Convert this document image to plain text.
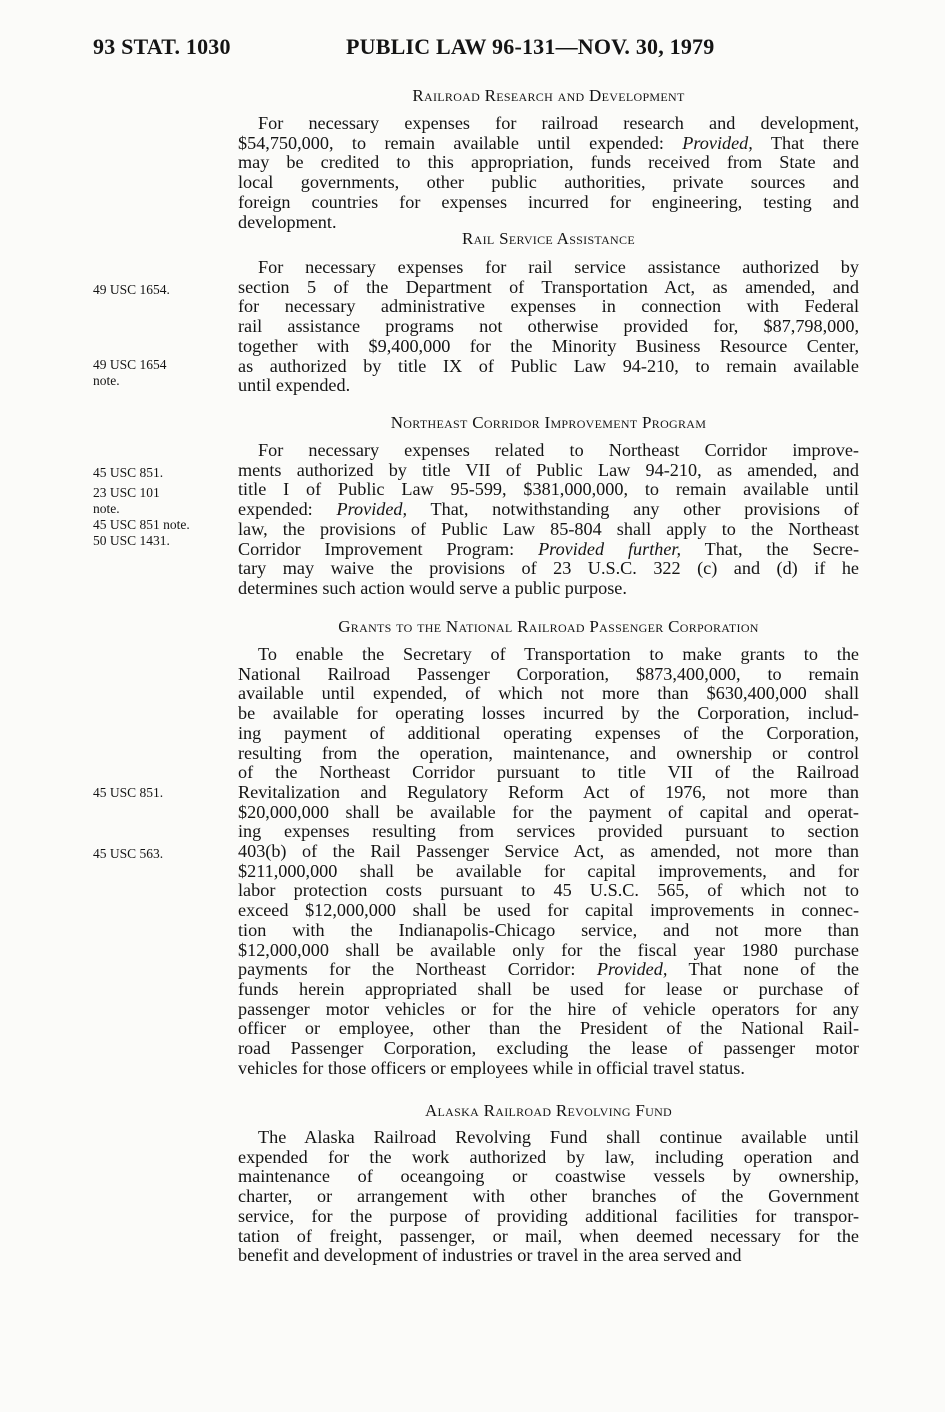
93 STAT. 1030	PUBLIC LAW 96-131—NOV. 30, 1979
Railroad Research and Development
For necessary expenses for railroad research and development,
$54,750,000, to remain available until expended: Provided, That there
may be credited to this appropriation, funds received from State and
local governments, other public authorities, private sources and
foreign countries for expenses incurred for engineering, testing and
development.
Rail Service Assistance
For necessary expenses for rail service assistance authorized by
section 5 of the Department of Transportation Act, as amended, and
for necessary administrative expenses in connection with Federal
rail assistance programs not otherwise provided for, $87,798,000,
together with $9,400,000 for the Minority Business Resource Center,
as authorized by title IX of Public Law 94-210, to remain available
until expended.
Northeast Corridor Improvement Program
For necessary expenses related to Northeast Corridor improve-
ments authorized by title VII of Public Law 94-210, as amended, and
title I of Public Law 95-599, $381,000,000, to remain available until
expended: Provided, That, notwithstanding any other provisions of
law, the provisions of Public Law 85-804 shall apply to the Northeast
Corridor Improvement Program: Provided further, That, the Secre-
tary may waive the provisions of 23 U.S.C. 322 (c) and (d) if he
determines such action would serve a public purpose.
Grants to the National Railroad Passenger Corporation
To enable the Secretary of Transportation to make grants to the
National Railroad Passenger Corporation, $873,400,000, to remain
available until expended, of which not more than $630,400,000 shall
be available for operating losses incurred by the Corporation, includ-
ing payment of additional operating expenses of the Corporation,
resulting from the operation, maintenance, and ownership or control
of the Northeast Corridor pursuant to title VII of the Railroad
Revitalization and Regulatory Reform Act of 1976, not more than
$20,000,000 shall be available for the payment of capital and operat-
ing expenses resulting from services provided pursuant to section
403(b) of the Rail Passenger Service Act, as amended, not more than
$211,000,000 shall be available for capital improvements, and for
labor protection costs pursuant to 45 U.S.C. 565, of which not to
exceed $12,000,000 shall be used for capital improvements in connec-
tion with the Indianapolis-Chicago service, and not more than
$12,000,000 shall be available only for the fiscal year 1980 purchase
payments for the Northeast Corridor: Provided, That none of the
funds herein appropriated shall be used for lease or purchase of
passenger motor vehicles or for the hire of vehicle operators for any
officer or employee, other than the President of the National Rail-
road Passenger Corporation, excluding the lease of passenger motor
vehicles for those officers or employees while in official travel status.
Alaska Railroad Revolving Fund
The Alaska Railroad Revolving Fund shall continue available until
expended for the work authorized by law, including operation and
maintenance of oceangoing or coastwise vessels by ownership,
charter, or arrangement with other branches of the Government
service, for the purpose of providing additional facilities for transpor-
tation of freight, passenger, or mail, when deemed necessary for the
benefit and development of industries or travel in the area served and
49 USC 1654.
49 USC 1654
note.
45 USC 851.
23 USC 101
note.
45 USC 851 note.
50 USC 1431.
45 USC 851.
45 USC 563.
